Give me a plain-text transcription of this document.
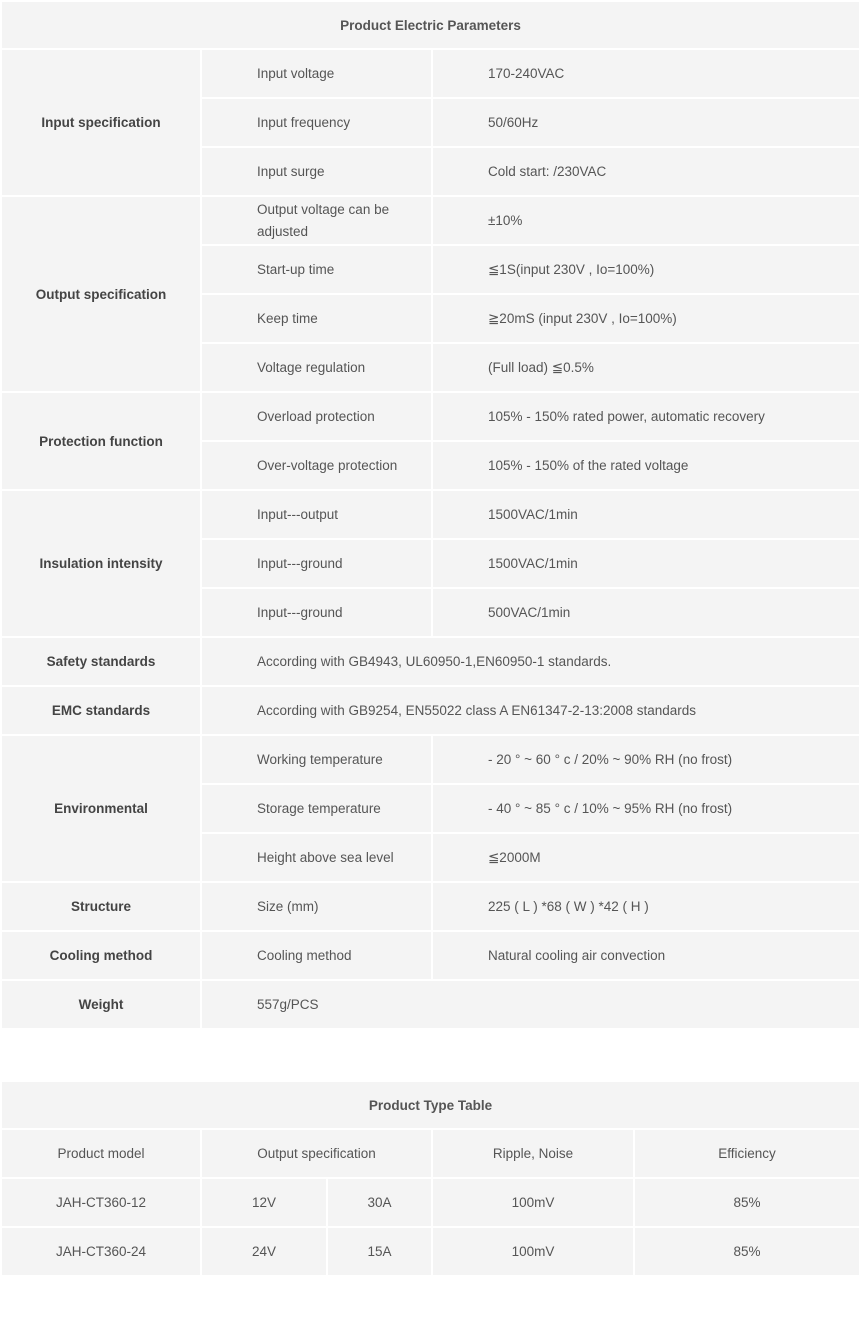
Product Electric Parameters		
Input specification	Input voltage	170-240VAC
	Input frequency	50/60Hz
	Input surge	Cold start: /230VAC
Output specification	Output voltage can be adjusted	±10%
	Start-up time	≦1S(input 230V , Io=100%)
	Keep time	≧20mS (input 230V , Io=100%)
	Voltage regulation	(Full load) ≦0.5%
Protection function	Overload protection	105% - 150% rated power, automatic recovery
	Over-voltage protection	105% - 150% of the rated voltage
Insulation intensity	Input---output	1500VAC/1min
	Input---ground	1500VAC/1min
	Input---ground	500VAC/1min
Safety standards	According with GB4943, UL60950-1,EN60950-1 standards.	
EMC standards	According with GB9254, EN55022 class A EN61347-2-13:2008 standards	
Environmental	Working temperature	- 20 ° ~ 60 ° c / 20% ~ 90% RH (no frost)
	Storage temperature	- 40 ° ~ 85 ° c / 10% ~ 95% RH (no frost)
	Height above sea level	≦2000M
Structure	Size (mm)	225 ( L ) *68 ( W ) *42 ( H )
Cooling method	Cooling method	Natural cooling air convection
Weight	557g/PCS	
Product Type Table				
Product model	Output specification		Ripple, Noise	Efficiency
JAH-CT360-12	12V	30A	100mV	85%
JAH-CT360-24	24V	15A	100mV	85%
